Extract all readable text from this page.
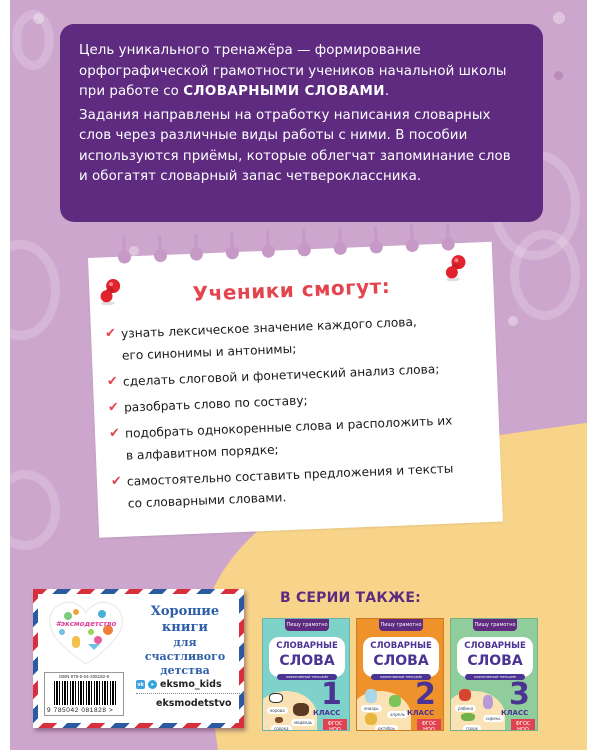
Цель уникального тренажёра — формирование орфографической грамотности учеников начальной школы при работе со СЛОВАРНЫМИ СЛОВАМИ.

Задания направлены на отработку написания словарных слов через различные виды работы с ними. В пособии используются приёмы, которые облегчат запоминание слов и обогатят словарный запас четвероклассника.

Ученики смогут:
✔ узнать лексическое значение каждого слова,
его синонимы и антонимы;
✔ сделать слоговой и фонетический анализ слова;
✔ разобрать слово по составу;
✔ подобрать однокоренные слова и расположить их
в алфавитном порядке;
✔ самостоятельно составить предложения и тексты
со словарными словами.
#эксмодетство
Хорошие
книги
для счастливого
детства
ISBN 978-5-04-208182-8
9 785042 081828 >
vk	➤ eksmo_kids
eksmodetstvo
В СЕРИИ ТАКЖЕ:
Пишу грамотно
СЛОВАРНЫЕ
СЛОВА
ЭФФЕКТИВНЫЙ ТРЕНАЖЁР
корова
медведь
сорока
1
КЛАСС
ФГОС НОО
Пишу грамотно
СЛОВАРНЫЕ
СЛОВА
ЭФФЕКТИВНЫЙ ТРЕНАЖЁР
январь
апрель
октябрь
2
КЛАСС
ФГОС НОО
Пишу грамотно
СЛОВАРНЫЕ
СЛОВА
ЭФФЕКТИВНЫЙ ТРЕНАЖЁР
рябина
сирень
горох
3
КЛАСС
ФГОС НОО
